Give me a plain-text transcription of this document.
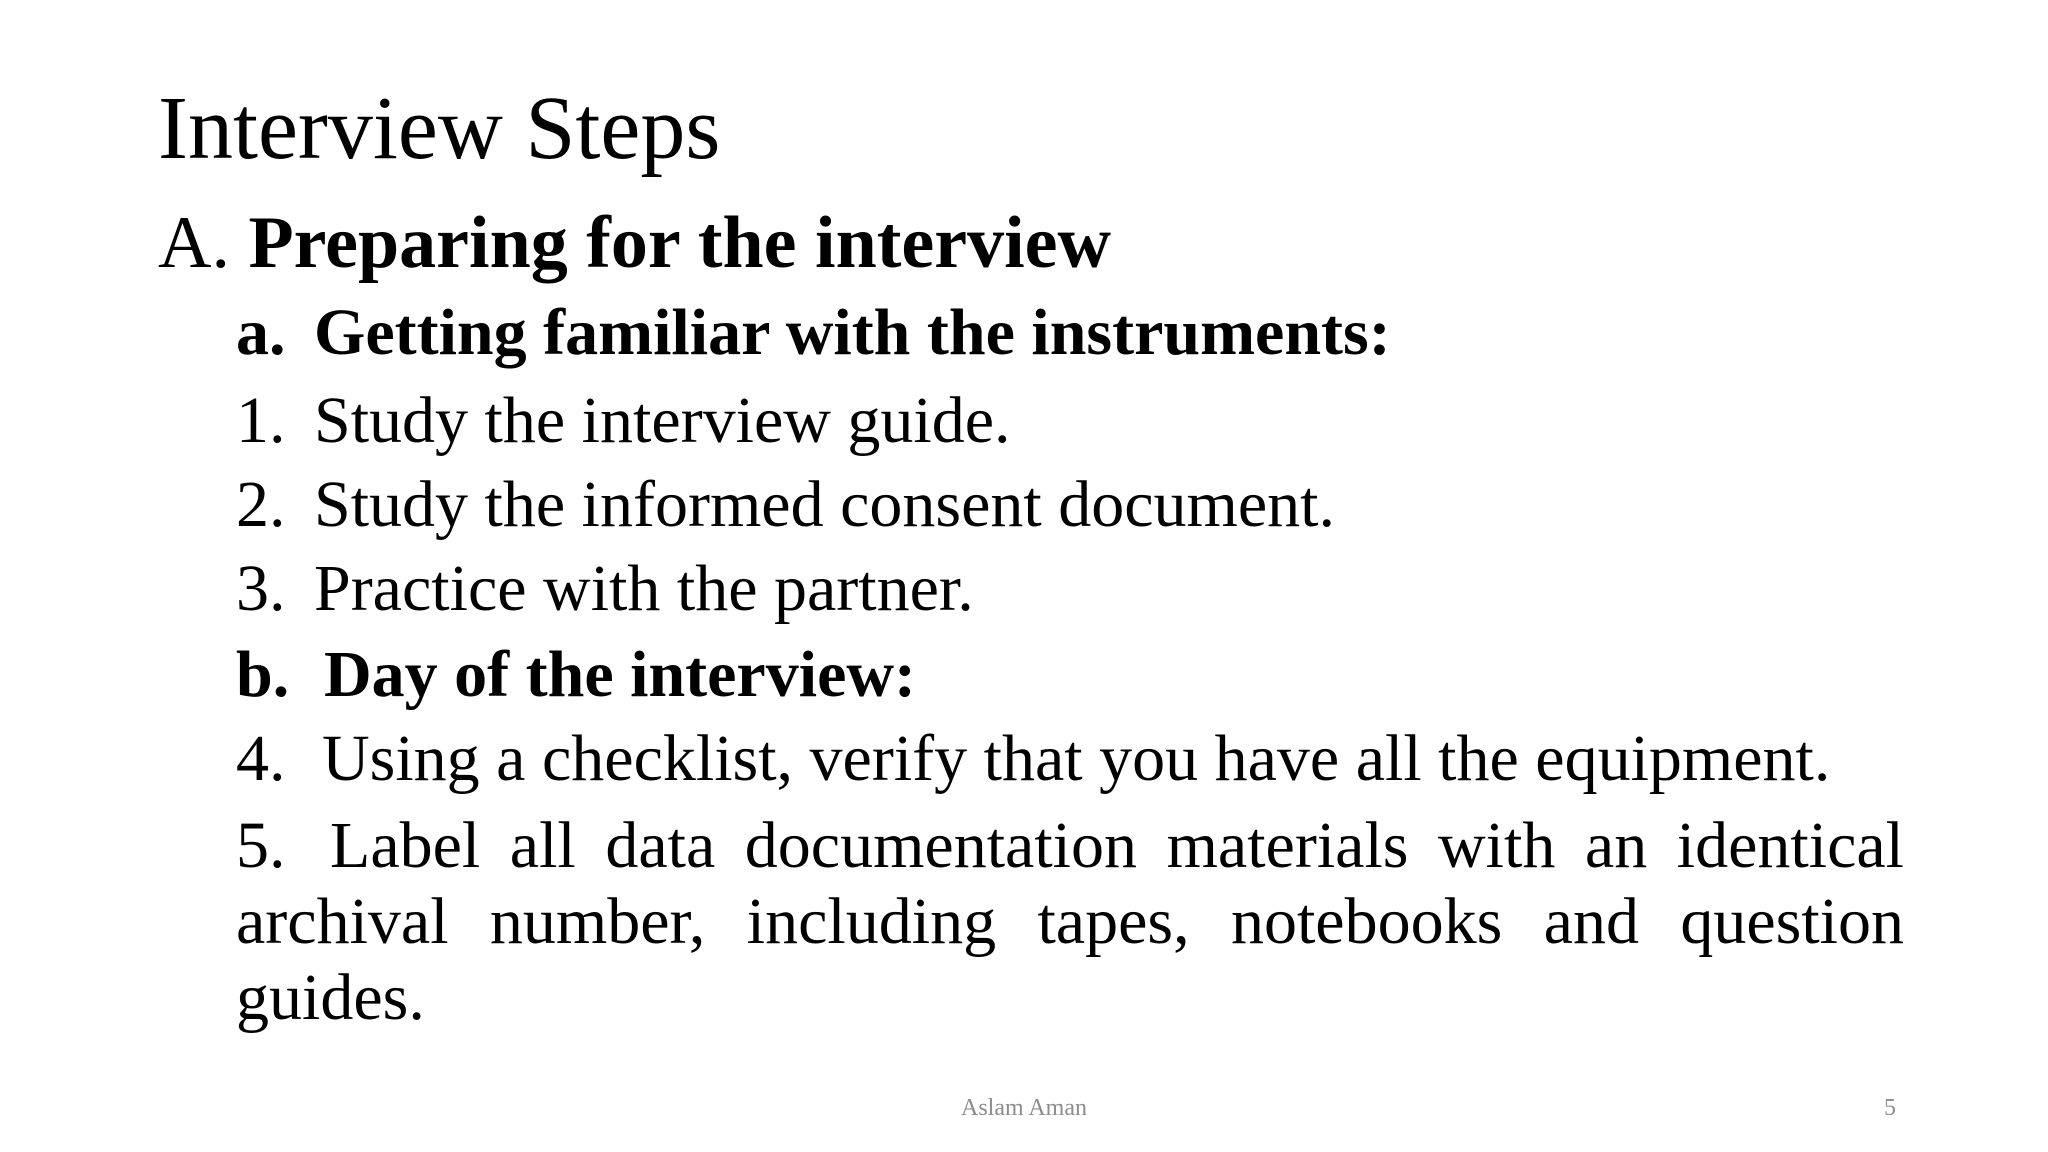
Interview Steps
A. Preparing for the interview
a. Getting familiar with the instruments:
1. Study the interview guide.
2. Study the informed consent document.
3. Practice with the partner.
b. Day of the interview:
4. Using a checklist, verify that you have all the equipment.
5. Label all data documentation materials with an identical archival number, including tapes, notebooks and question guides.
Aslam Aman	5
